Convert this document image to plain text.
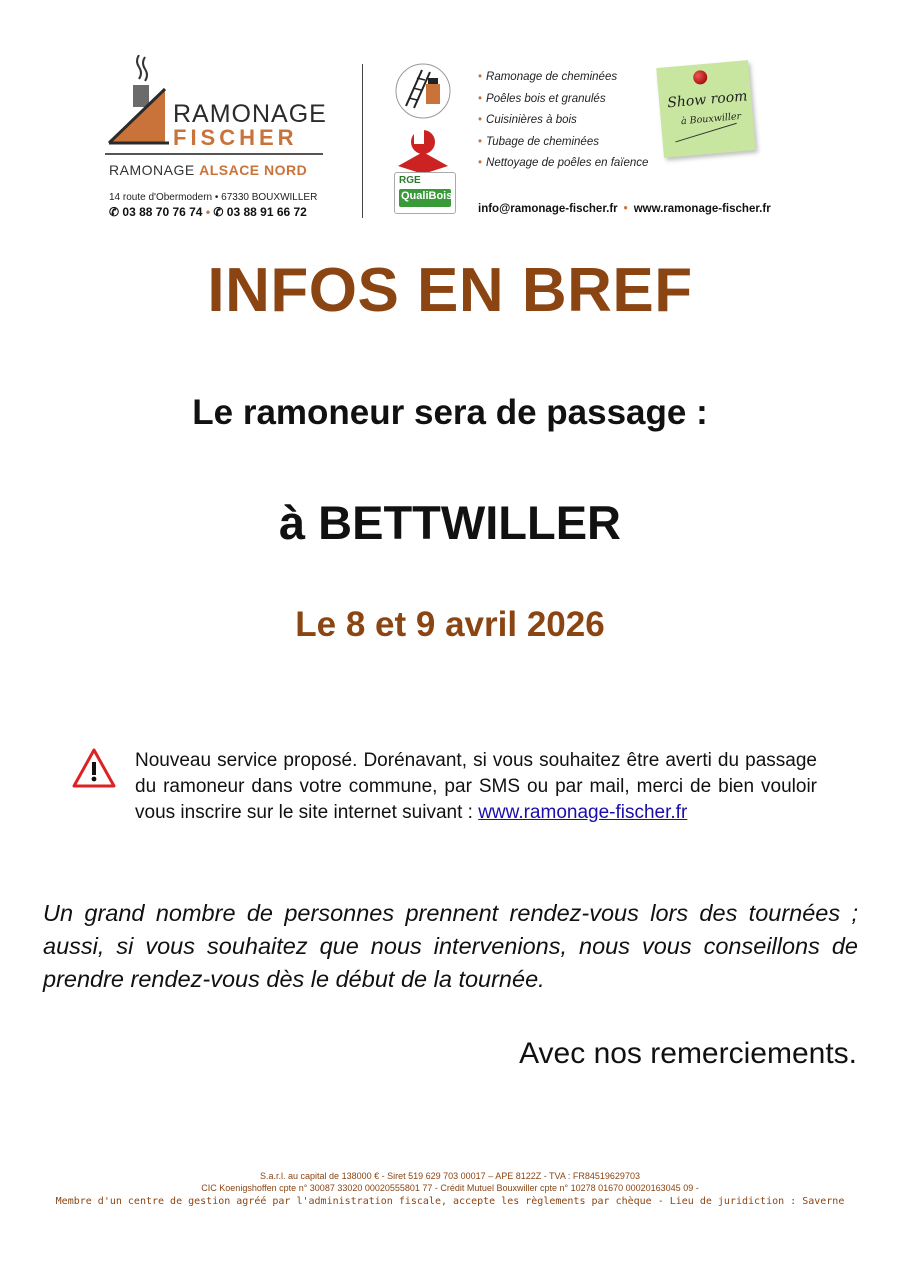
RAMONAGE
FISCHER
RAMONAGE ALSACE NORD
14 route d'Obermodern • 67330 BOUXWILLER
✆ 03 88 70 76 74 • ✆ 03 88 91 66 72
RGE
QualiBois
• Ramonage de cheminées
• Poêles bois et granulés
• Cuisinières à bois
• Tubage de cheminées
• Nettoyage de poêles en faïence
info@ramonage-fischer.fr • www.ramonage-fischer.fr
Show room
à Bouxwiller
INFOS EN BREF
Le ramoneur sera de passage :
à BETTWILLER
Le 8 et 9 avril 2026

Nouveau service proposé. Dorénavant, si vous souhaitez être averti du passage du ramoneur dans votre commune, par SMS ou par mail, merci de bien vouloir vous inscrire sur le site internet suivant : www.ramonage-fischer.fr

Un grand nombre de personnes prennent rendez-vous lors des tournées ; aussi, si vous souhaitez que nous intervenions, nous vous conseillons de prendre rendez-vous dès le début de la tournée.

Avec nos remerciements.
S.a.r.l. au capital de 138000 € - Siret 519 629 703 00017 – APE 8122Z - TVA : FR84519629703
CIC Koenigshoffen cpte n° 30087 33020 00020555801 77 - Crédit Mutuel Bouxwiller cpte n° 10278 01670 00020163045 09 -
Membre d'un centre de gestion agréé par l'administration fiscale, accepte les règlements par chèque - Lieu de juridiction : Saverne
